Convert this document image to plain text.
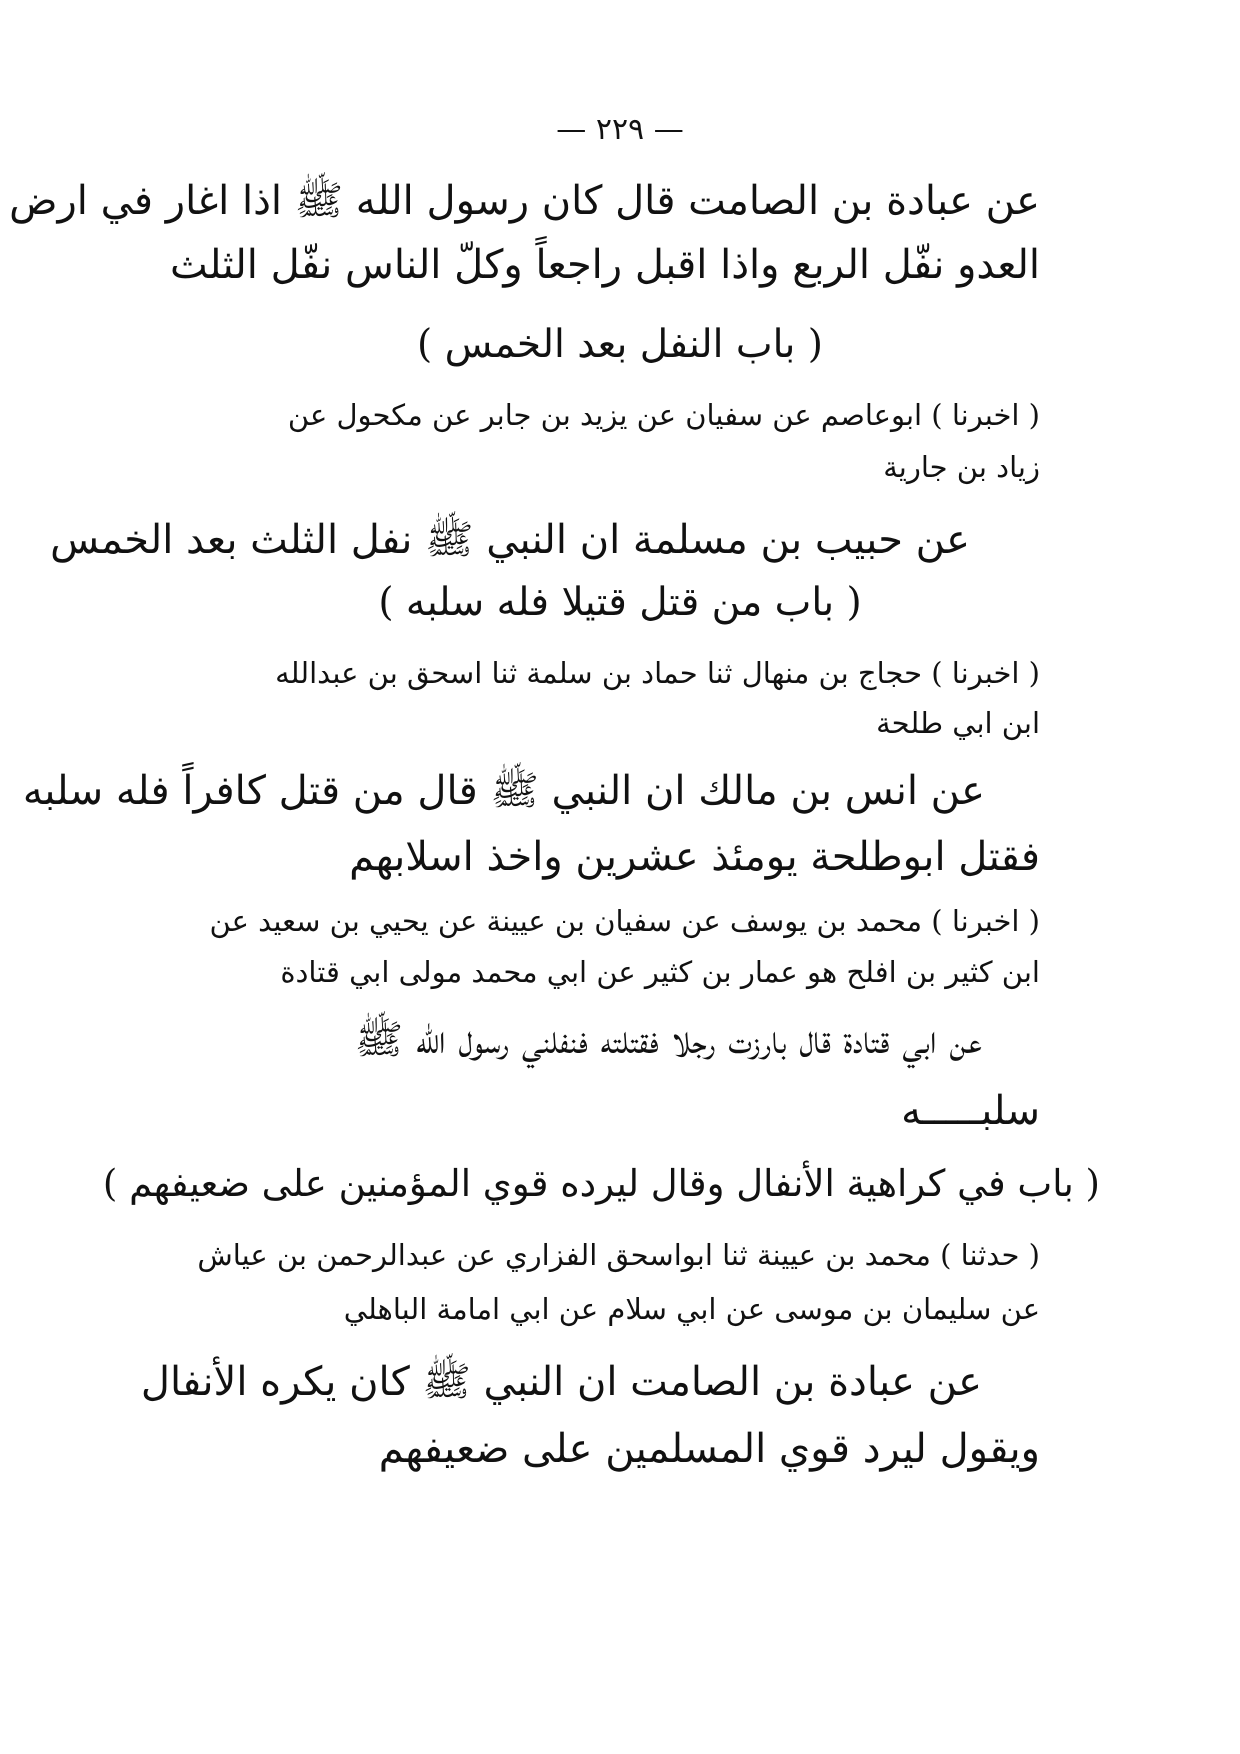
— ٢٢٩ —
عن عبادة بن الصامت قال كان رسول الله ﷺ اذا اغار في ارض
العدو نفّل الربع واذا اقبل راجعاً وكلّ الناس نفّل الثلث
( باب النفل بعد الخمس )
( اخبرنا ) ابوعاصم عن سفيان عن يزيد بن جابر عن مكحول عن
زياد بن جارية
عن حبيب بن مسلمة ان النبي ﷺ نفل الثلث بعد الخمس
( باب من قتل قتيلا فله سلبه )
( اخبرنا ) حجاج بن منهال ثنا حماد بن سلمة ثنا اسحق بن عبدالله
ابن ابي طلحة
عن انس بن مالك ان النبي ﷺ قال من قتل كافراً فله سلبه
فقتل ابوطلحة يومئذ عشرين واخذ اسلابهم
( اخبرنا ) محمد بن يوسف عن سفيان بن عيينة عن يحيي بن سعيد عن
ابن كثير بن افلح هو عمار بن كثير عن ابي محمد مولى ابي قتادة
عن ابي قتادة قال بارزت رجلا فقتلته فنفلني رسول الله ﷺ
سلبـــــه
( باب في كراهية الأنفال وقال ليرده قوي المؤمنين على ضعيفهم )
( حدثنا ) محمد بن عيينة ثنا ابواسحق الفزاري عن عبدالرحمن بن عياش
عن سليمان بن موسى عن ابي سلام عن ابي امامة الباهلي
عن عبادة بن الصامت ان النبي ﷺ كان يكره الأنفال
ويقول ليرد قوي المسلمين على ضعيفهم
